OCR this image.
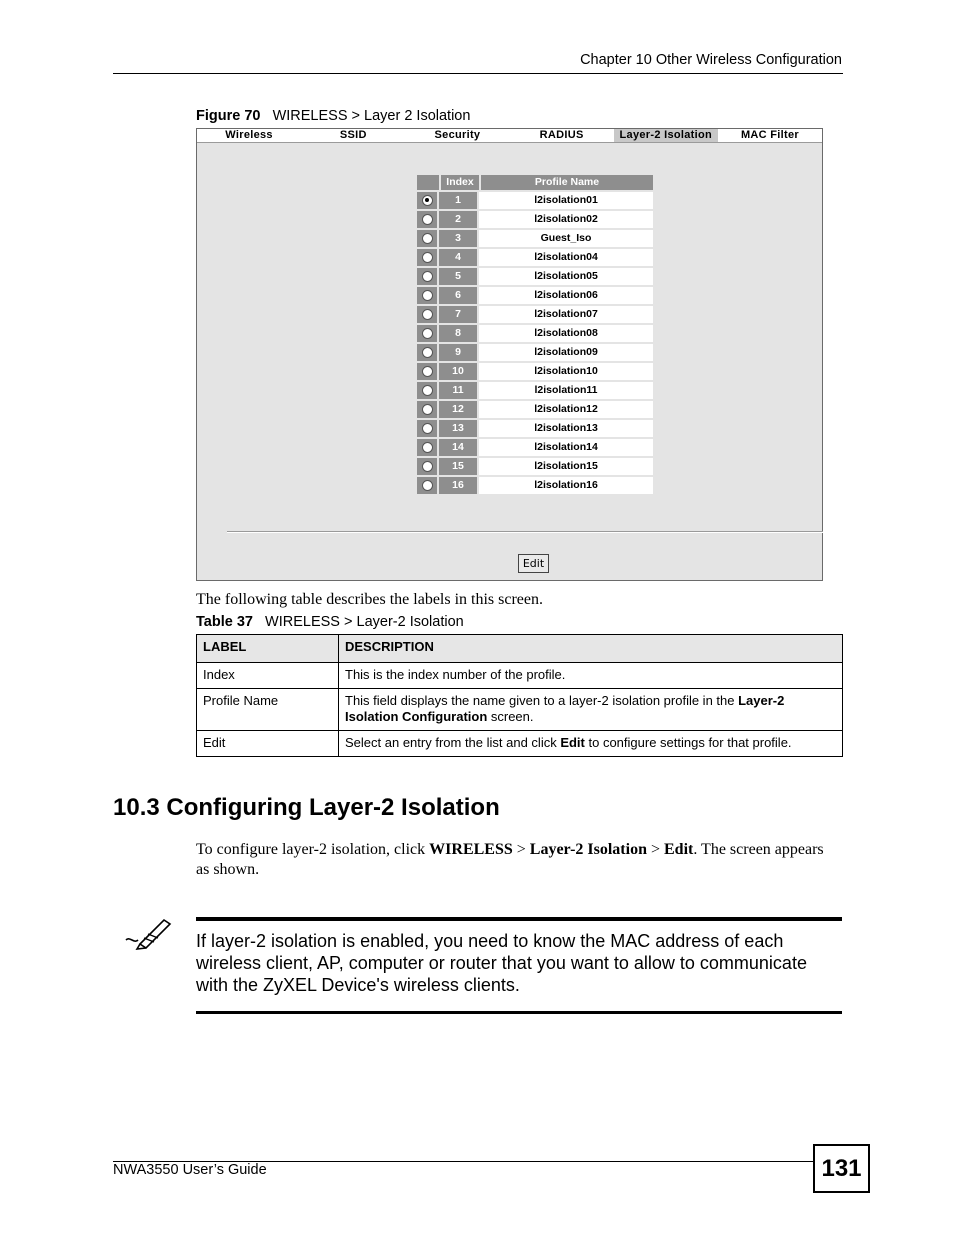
Chapter 10 Other Wireless Configuration
Figure 70 WIRELESS > Layer 2 Isolation
Wireless	SSID	Security	RADIUS	Layer-2 Isolation	MAC Filter
	Index	Profile Name
	1	l2isolation01
	2	l2isolation02
	3	Guest_Iso
	4	l2isolation04
	5	l2isolation05
	6	l2isolation06
	7	l2isolation07
	8	l2isolation08
	9	l2isolation09
	10	l2isolation10
	11	l2isolation11
	12	l2isolation12
	13	l2isolation13
	14	l2isolation14
	15	l2isolation15
	16	l2isolation16
Edit
The following table describes the labels in this screen.
Table 37 WIRELESS > Layer-2 Isolation
LABEL	DESCRIPTION
Index	This is the index number of the profile.
Profile Name	This field displays the name given to a layer-2 isolation profile in the Layer-2 Isolation Configuration screen.
Edit	Select an entry from the list and click Edit to configure settings for that profile.
10.3 Configuring Layer-2 Isolation
To configure layer-2 isolation, click WIRELESS > Layer-2 Isolation > Edit. The screen appears as shown.
If layer-2 isolation is enabled, you need to know the MAC address of each wireless client, AP, computer or router that you want to allow to communicate with the ZyXEL Device's wireless clients.
NWA3550 User’s Guide	131
